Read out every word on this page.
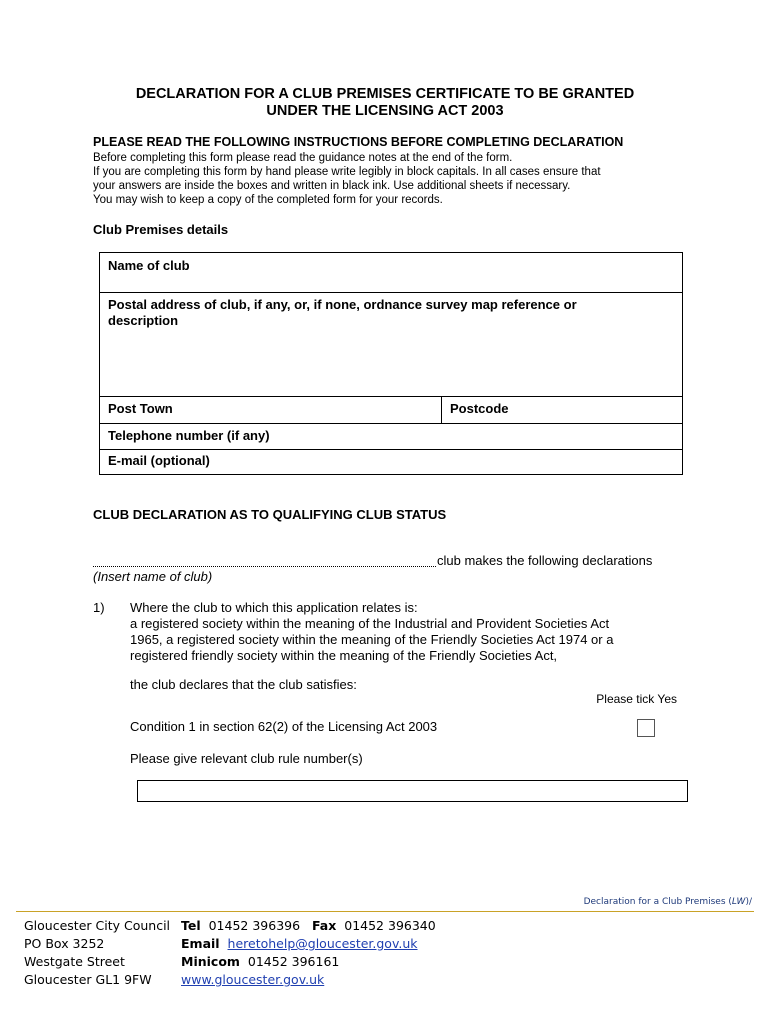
DECLARATION FOR A CLUB PREMISES CERTIFICATE TO BE GRANTED
UNDER THE LICENSING ACT 2003
PLEASE READ THE FOLLOWING INSTRUCTIONS BEFORE COMPLETING DECLARATION
Before completing this form please read the guidance notes at the end of the form.
If you are completing this form by hand please write legibly in block capitals. In all cases ensure that
your answers are inside the boxes and written in black ink. Use additional sheets if necessary.
You may wish to keep a copy of the completed form for your records.
Club Premises details
Name of club
Postal address of club, if any, or, if none, ordnance survey map reference or
description
Post Town	Postcode
Telephone number (if any)
E-mail (optional)
CLUB DECLARATION AS TO QUALIFYING CLUB STATUS
club makes the following declarations
(Insert name of club)
1) Where the club to which this application relates is:
a registered society within the meaning of the Industrial and Provident Societies Act
1965, a registered society within the meaning of the Friendly Societies Act 1974 or a
registered friendly society within the meaning of the Friendly Societies Act,
the club declares that the club satisfies:
Please tick Yes
Condition 1 in section 62(2) of the Licensing Act 2003
Please give relevant club rule number(s)
Declaration for a Club Premises (LW)/
Gloucester City Council
PO Box 3252
Westgate Street
Gloucester GL1 9FW
Tel 01452 396396 Fax 01452 396340
Email heretohelp@gloucester.gov.uk
Minicom 01452 396161
www.gloucester.gov.uk
